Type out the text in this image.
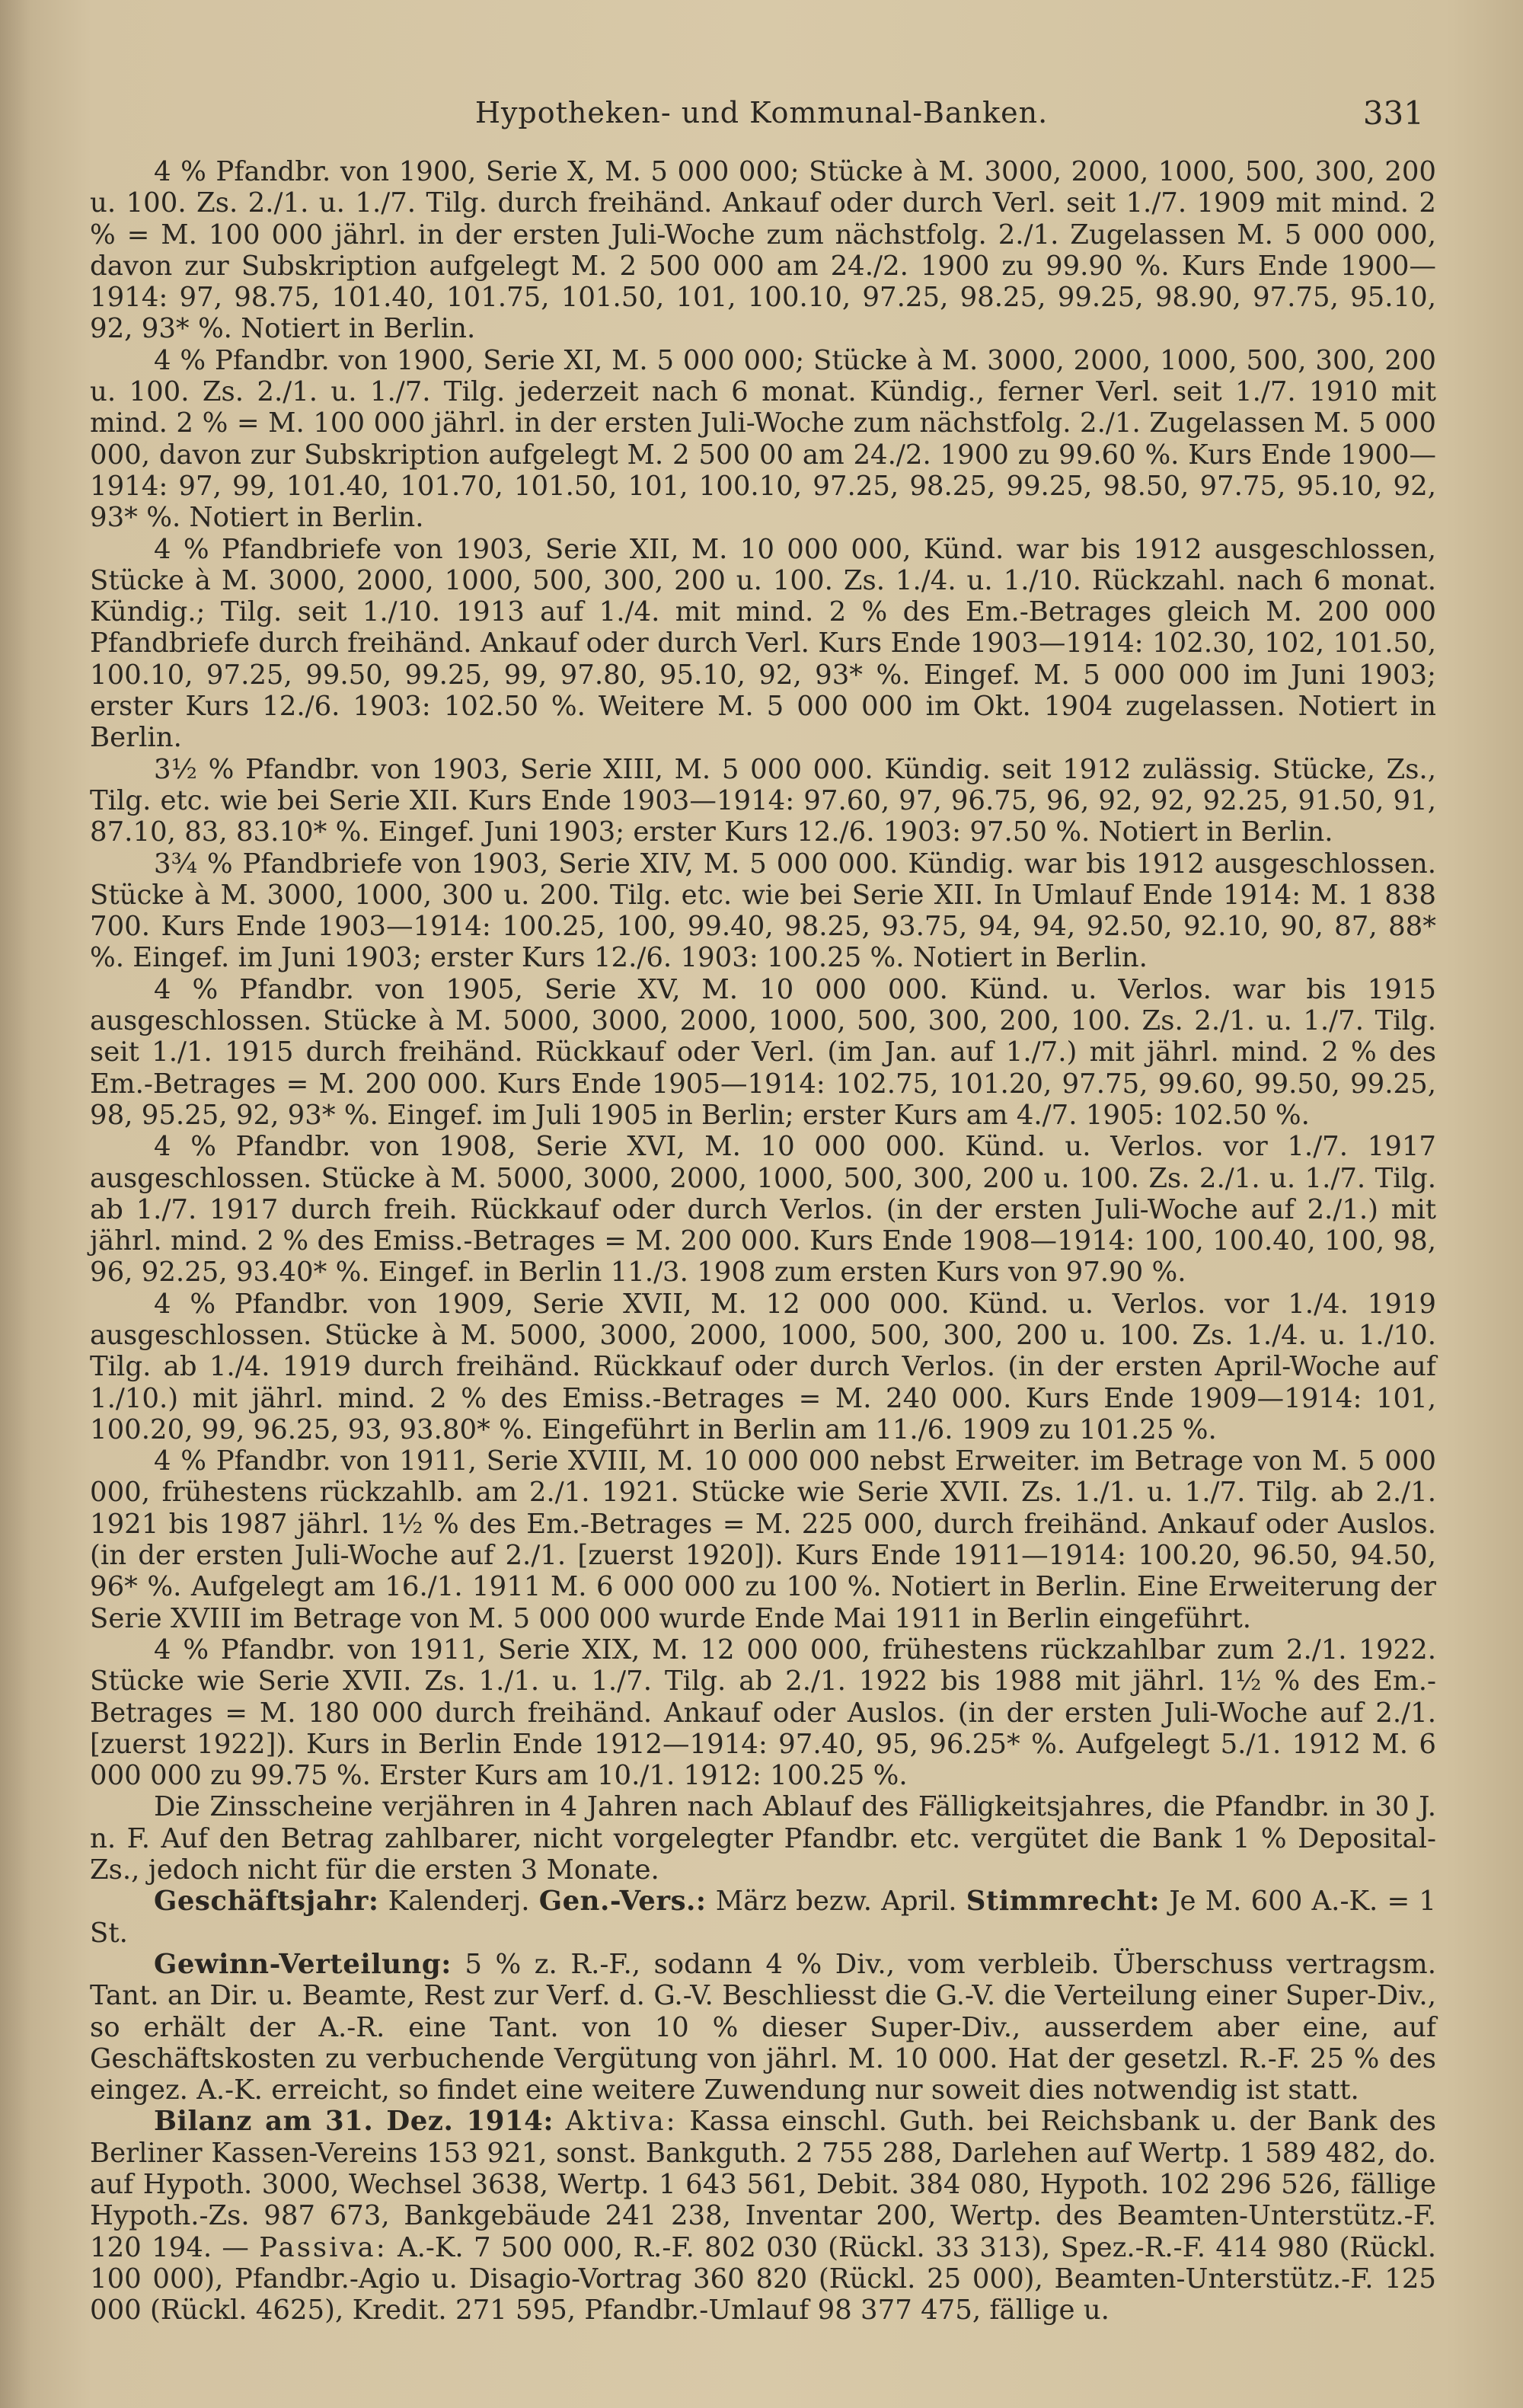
Hypotheken- und Kommunal-Banken.	331

4 % Pfandbr. von 1900, Serie X, M. 5 000 000; Stücke à M. 3000, 2000, 1000, 500, 300, 200 u. 100. Zs. 2./1. u. 1./7. Tilg. durch freihänd. Ankauf oder durch Verl. seit 1./7. 1909 mit mind. 2 % = M. 100 000 jährl. in der ersten Juli-Woche zum nächstfolg. 2./1. Zugelassen M. 5 000 000, davon zur Subskription aufgelegt M. 2 500 000 am 24./2. 1900 zu 99.90 %. Kurs Ende 1900—1914: 97, 98.75, 101.40, 101.75, 101.50, 101, 100.10, 97.25, 98.25, 99.25, 98.90, 97.75, 95.10, 92, 93* %. Notiert in Berlin.

4 % Pfandbr. von 1900, Serie XI, M. 5 000 000; Stücke à M. 3000, 2000, 1000, 500, 300, 200 u. 100. Zs. 2./1. u. 1./7. Tilg. jederzeit nach 6 monat. Kündig., ferner Verl. seit 1./7. 1910 mit mind. 2 % = M. 100 000 jährl. in der ersten Juli-Woche zum nächstfolg. 2./1. Zugelassen M. 5 000 000, davon zur Subskription aufgelegt M. 2 500 00 am 24./2. 1900 zu 99.60 %. Kurs Ende 1900—1914: 97, 99, 101.40, 101.70, 101.50, 101, 100.10, 97.25, 98.25, 99.25, 98.50, 97.75, 95.10, 92, 93* %. Notiert in Berlin.

4 % Pfandbriefe von 1903, Serie XII, M. 10 000 000, Künd. war bis 1912 ausgeschlossen, Stücke à M. 3000, 2000, 1000, 500, 300, 200 u. 100. Zs. 1./4. u. 1./10. Rückzahl. nach 6 monat. Kündig.; Tilg. seit 1./10. 1913 auf 1./4. mit mind. 2 % des Em.-Betrages gleich M. 200 000 Pfandbriefe durch freihänd. Ankauf oder durch Verl. Kurs Ende 1903—1914: 102.30, 102, 101.50, 100.10, 97.25, 99.50, 99.25, 99, 97.80, 95.10, 92, 93* %. Eingef. M. 5 000 000 im Juni 1903; erster Kurs 12./6. 1903: 102.50 %. Weitere M. 5 000 000 im Okt. 1904 zugelassen. Notiert in Berlin.

3½ % Pfandbr. von 1903, Serie XIII, M. 5 000 000. Kündig. seit 1912 zulässig. Stücke, Zs., Tilg. etc. wie bei Serie XII. Kurs Ende 1903—1914: 97.60, 97, 96.75, 96, 92, 92, 92.25, 91.50, 91, 87.10, 83, 83.10* %. Eingef. Juni 1903; erster Kurs 12./6. 1903: 97.50 %. Notiert in Berlin.

3¾ % Pfandbriefe von 1903, Serie XIV, M. 5 000 000. Kündig. war bis 1912 ausgeschlossen. Stücke à M. 3000, 1000, 300 u. 200. Tilg. etc. wie bei Serie XII. In Umlauf Ende 1914: M. 1 838 700. Kurs Ende 1903—1914: 100.25, 100, 99.40, 98.25, 93.75, 94, 94, 92.50, 92.10, 90, 87, 88* %. Eingef. im Juni 1903; erster Kurs 12./6. 1903: 100.25 %. Notiert in Berlin.

4 % Pfandbr. von 1905, Serie XV, M. 10 000 000. Künd. u. Verlos. war bis 1915 ausgeschlossen. Stücke à M. 5000, 3000, 2000, 1000, 500, 300, 200, 100. Zs. 2./1. u. 1./7. Tilg. seit 1./1. 1915 durch freihänd. Rückkauf oder Verl. (im Jan. auf 1./7.) mit jährl. mind. 2 % des Em.-Betrages = M. 200 000. Kurs Ende 1905—1914: 102.75, 101.20, 97.75, 99.60, 99.50, 99.25, 98, 95.25, 92, 93* %. Eingef. im Juli 1905 in Berlin; erster Kurs am 4./7. 1905: 102.50 %.

4 % Pfandbr. von 1908, Serie XVI, M. 10 000 000. Künd. u. Verlos. vor 1./7. 1917 ausgeschlossen. Stücke à M. 5000, 3000, 2000, 1000, 500, 300, 200 u. 100. Zs. 2./1. u. 1./7. Tilg. ab 1./7. 1917 durch freih. Rückkauf oder durch Verlos. (in der ersten Juli-Woche auf 2./1.) mit jährl. mind. 2 % des Emiss.-Betrages = M. 200 000. Kurs Ende 1908—1914: 100, 100.40, 100, 98, 96, 92.25, 93.40* %. Eingef. in Berlin 11./3. 1908 zum ersten Kurs von 97.90 %.

4 % Pfandbr. von 1909, Serie XVII, M. 12 000 000. Künd. u. Verlos. vor 1./4. 1919 ausgeschlossen. Stücke à M. 5000, 3000, 2000, 1000, 500, 300, 200 u. 100. Zs. 1./4. u. 1./10. Tilg. ab 1./4. 1919 durch freihänd. Rückkauf oder durch Verlos. (in der ersten April-Woche auf 1./10.) mit jährl. mind. 2 % des Emiss.-Betrages = M. 240 000. Kurs Ende 1909—1914: 101, 100.20, 99, 96.25, 93, 93.80* %. Eingeführt in Berlin am 11./6. 1909 zu 101.25 %.

4 % Pfandbr. von 1911, Serie XVIII, M. 10 000 000 nebst Erweiter. im Betrage von M. 5 000 000, frühestens rückzahlb. am 2./1. 1921. Stücke wie Serie XVII. Zs. 1./1. u. 1./7. Tilg. ab 2./1. 1921 bis 1987 jährl. 1½ % des Em.-Betrages = M. 225 000, durch freihänd. Ankauf oder Auslos. (in der ersten Juli-Woche auf 2./1. [zuerst 1920]). Kurs Ende 1911—1914: 100.20, 96.50, 94.50, 96* %. Aufgelegt am 16./1. 1911 M. 6 000 000 zu 100 %. Notiert in Berlin. Eine Erweiterung der Serie XVIII im Betrage von M. 5 000 000 wurde Ende Mai 1911 in Berlin eingeführt.

4 % Pfandbr. von 1911, Serie XIX, M. 12 000 000, frühestens rückzahlbar zum 2./1. 1922. Stücke wie Serie XVII. Zs. 1./1. u. 1./7. Tilg. ab 2./1. 1922 bis 1988 mit jährl. 1½ % des Em.-Betrages = M. 180 000 durch freihänd. Ankauf oder Auslos. (in der ersten Juli-Woche auf 2./1. [zuerst 1922]). Kurs in Berlin Ende 1912—1914: 97.40, 95, 96.25* %. Aufgelegt 5./1. 1912 M. 6 000 000 zu 99.75 %. Erster Kurs am 10./1. 1912: 100.25 %.

Die Zinsscheine verjähren in 4 Jahren nach Ablauf des Fälligkeitsjahres, die Pfandbr. in 30 J. n. F. Auf den Betrag zahlbarer, nicht vorgelegter Pfandbr. etc. vergütet die Bank 1 % Deposital-Zs., jedoch nicht für die ersten 3 Monate.

Geschäftsjahr: Kalenderj. Gen.-Vers.: März bezw. April. Stimmrecht: Je M. 600 A.-K. = 1 St.

Gewinn-Verteilung: 5 % z. R.-F., sodann 4 % Div., vom verbleib. Überschuss vertragsm. Tant. an Dir. u. Beamte, Rest zur Verf. d. G.-V. Beschliesst die G.-V. die Verteilung einer Super-Div., so erhält der A.-R. eine Tant. von 10 % dieser Super-Div., ausserdem aber eine, auf Geschäftskosten zu verbuchende Vergütung von jährl. M. 10 000. Hat der gesetzl. R.-F. 25 % des eingez. A.-K. erreicht, so findet eine weitere Zuwendung nur soweit dies notwendig ist statt.

Bilanz am 31. Dez. 1914: Aktiva: Kassa einschl. Guth. bei Reichsbank u. der Bank des Berliner Kassen-Vereins 153 921, sonst. Bankguth. 2 755 288, Darlehen auf Wertp. 1 589 482, do. auf Hypoth. 3000, Wechsel 3638, Wertp. 1 643 561, Debit. 384 080, Hypoth. 102 296 526, fällige Hypoth.-Zs. 987 673, Bankgebäude 241 238, Inventar 200, Wertp. des Beamten-Unterstütz.-F. 120 194. — Passiva: A.-K. 7 500 000, R.-F. 802 030 (Rückl. 33 313), Spez.-R.-F. 414 980 (Rückl. 100 000), Pfandbr.-Agio u. Disagio-Vortrag 360 820 (Rückl. 25 000), Beamten-Unterstütz.-F. 125 000 (Rückl. 4625), Kredit. 271 595, Pfandbr.-Umlauf 98 377 475, fällige u.
